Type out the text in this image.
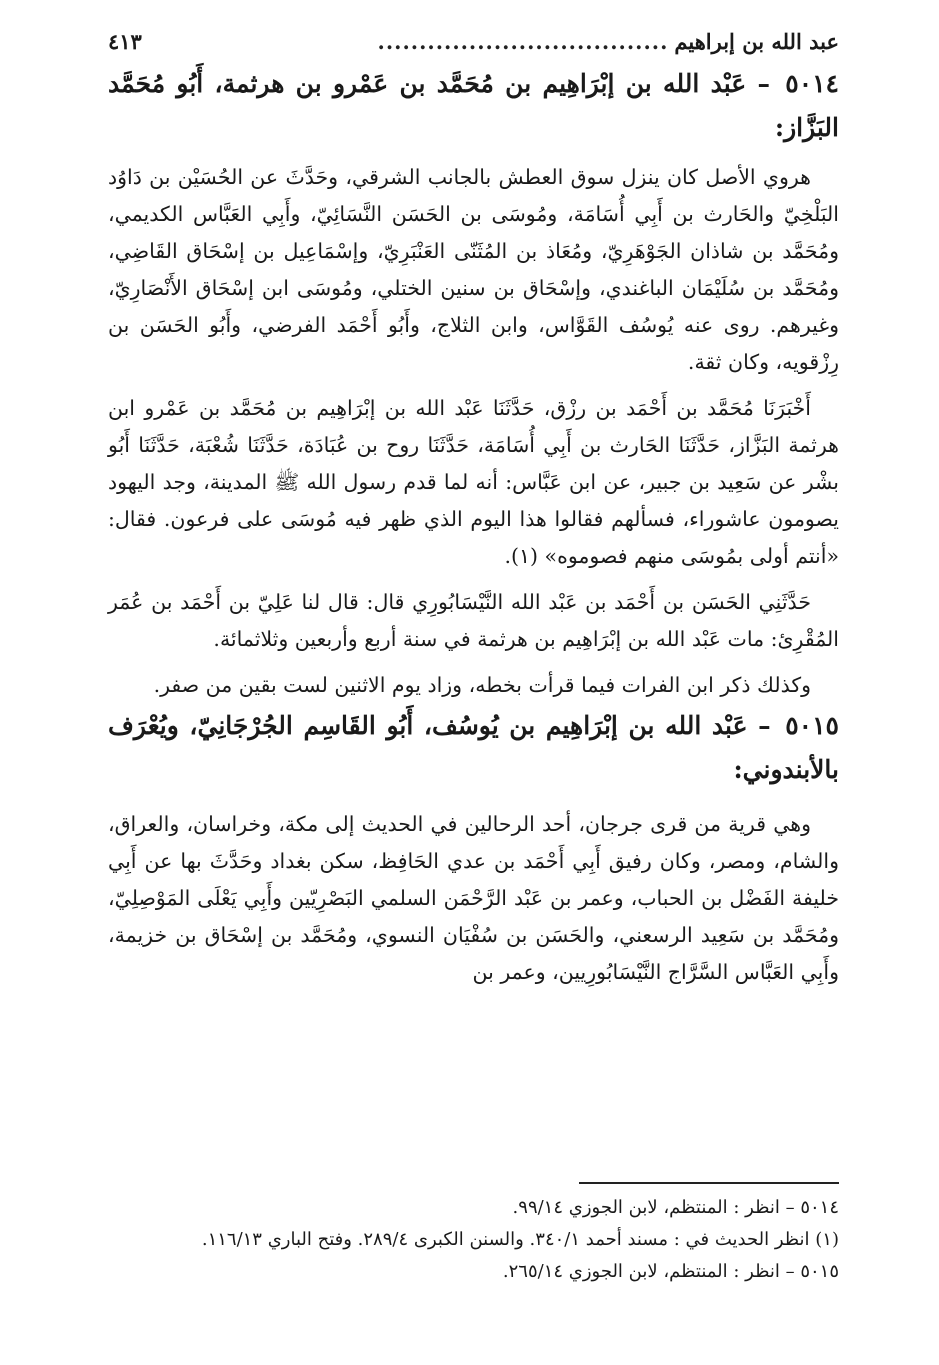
عبد الله بن إبراهيم
...................................
٤١٣
٥٠١٤ – عَبْد الله بن إبْرَاهِيم بن مُحَمَّد بن عَمْرو بن هرثمة، أَبُو مُحَمَّد البَزَّاز:

هروي الأصل كان ينزل سوق العطش بالجانب الشرقي، وحَدَّثَ عن الحُسَيْن بن دَاوُد البَلْخِيّ والحَارث بن أَبِي أُسَامَة، ومُوسَى بن الحَسَن النَّسَائِيّ، وأَبِي العَبَّاس الكديمي، ومُحَمَّد بن شاذان الجَوْهَرِيّ، ومُعَاذ بن المُثَنّى العَنْبَرِيّ، وإسْمَاعِيل بن إسْحَاق القَاضِي، ومُحَمَّد بن سُلَيْمَان الباغندي، وإسْحَاق بن سنين الختلي، ومُوسَى ابن إسْحَاق الأَنْصَارِيّ، وغيرهم. روى عنه يُوسُف القَوَّاس، وابن الثلاج، وأَبُو أَحْمَد الفرضي، وأَبُو الحَسَن بن رِزْقويه، وكان ثقة.

أَخْبَرَنَا مُحَمَّد بن أَحْمَد بن رزْق، حَدَّثَنَا عَبْد الله بن إبْرَاهِيم بن مُحَمَّد بن عَمْرو ابن هرثمة البَزَّاز، حَدَّثَنَا الحَارث بن أَبِي أُسَامَة، حَدَّثَنَا روح بن عُبَادَة، حَدَّثَنَا شُعْبَة، حَدَّثَنَا أَبُو بشْر عن سَعِيد بن جبير، عن ابن عَبَّاس: أنه لما قدم رسول الله ﷺ المدينة، وجد اليهود يصومون عاشوراء، فسألهم فقالوا هذا اليوم الذي ظهر فيه مُوسَى على فرعون. فقال: «أنتم أولى بمُوسَى منهم فصوموه» (١).

حَدَّثَنِي الحَسَن بن أَحْمَد بن عَبْد الله النَّيْسَابُورِي قال: قال لنا عَلِيّ بن أَحْمَد بن عُمَر المُقْرِئ: مات عَبْد الله بن إبْرَاهِيم بن هرثمة في سنة أربع وأربعين وثلاثمائة.

وكذلك ذكر ابن الفرات فيما قرأت بخطه، وزاد يوم الاثنين لست بقين من صفر.

٥٠١٥ – عَبْد الله بن إبْرَاهِيم بن يُوسُف، أَبُو القَاسِم الجُرْجَانِيّ، ويُعْرَف بالأبندوني:

وهي قرية من قرى جرجان، أحد الرحالين في الحديث إلى مكة، وخراسان، والعراق، والشام، ومصر، وكان رفيق أَبِي أَحْمَد بن عدي الحَافِظ، سكن بغداد وحَدَّثَ بها عن أَبِي خليفة الفَضْل بن الحباب، وعمر بن عَبْد الرَّحْمَن السلمي البَصْرِيّين وأَبِي يَعْلَى المَوْصِلِيّ، ومُحَمَّد بن سَعِيد الرسعني، والحَسَن بن سُفْيَان النسوي، ومُحَمَّد بن إسْحَاق بن خزيمة، وأَبِي العَبَّاس السَّرَّاج النَّيْسَابُورِيين، وعمر بن

٥٠١٤ – انظر : المنتظم، لابن الجوزي ٩٩/١٤.
(١) انظر الحديث في : مسند أحمد ٣٤٠/١. والسنن الكبرى ٢٨٩/٤. وفتح الباري ١١٦/١٣.
٥٠١٥ – انظر : المنتظم، لابن الجوزي ٢٦٥/١٤.
